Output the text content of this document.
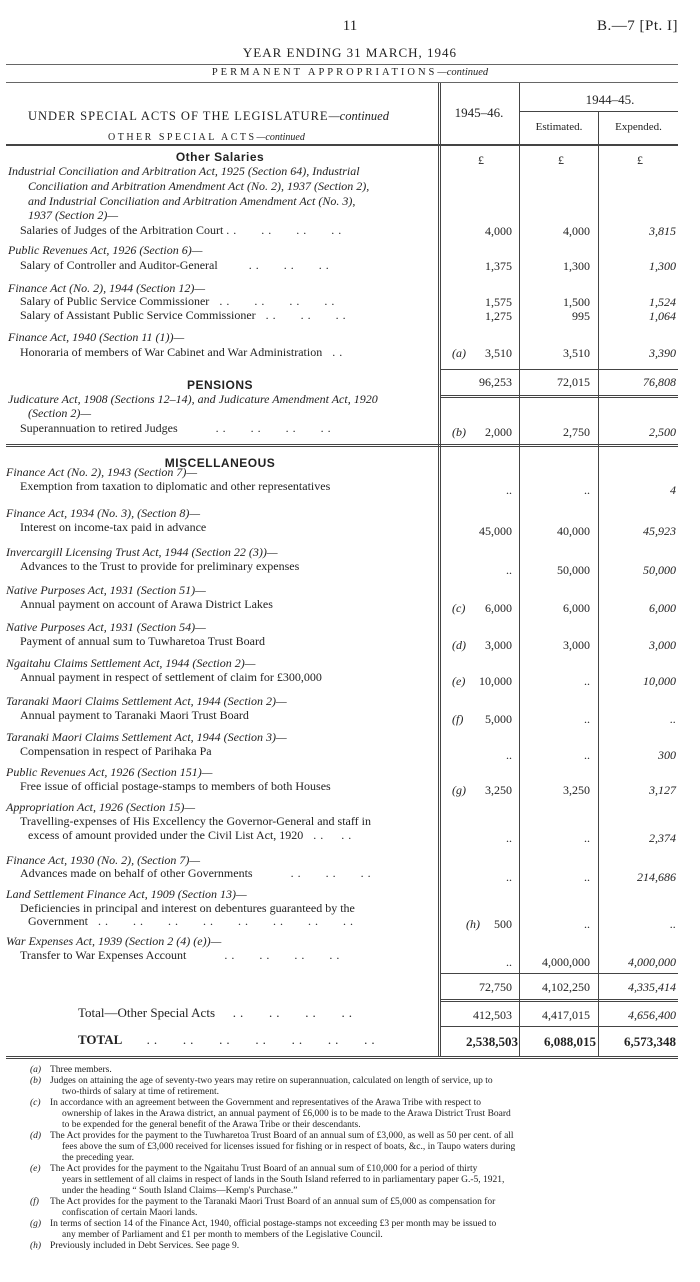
11	B.—7 [Pt. I]
YEAR ENDING 31 MARCH, 1946
PERMANENT APPROPRIATIONS—continued
UNDER SPECIAL ACTS OF THE LEGISLATURE—continued
OTHER SPECIAL ACTS—continued
1945–46.
1944–45.
Estimated.	Expended.
Other Salaries	£	£	£
Industrial Conciliation and Arbitration Act, 1925 (Section 64), Industrial
Conciliation and Arbitration Amendment Act (No. 2), 1937 (Section 2),
and Industrial Conciliation and Arbitration Amendment Act (No. 3),
1937 (Section 2)—
Salaries of Judges of the Arbitration Court ..   ..   ..   ..	4,000	4,000	3,815
Public Revenues Act, 1926 (Section 6)—
Salary of Controller and Auditor-General     ..   ..   ..	1,375	1,300	1,300
Finance Act (No. 2), 1944 (Section 12)—
Salary of Public Service Commissioner  ..   ..   ..   ..	1,575	1,500	1,524
Salary of Assistant Public Service Commissioner  ..   ..   ..	1,275	995	1,064
Finance Act, 1940 (Section 11 (1))—
Honoraria of members of War Cabinet and War Administration  ..	(a)	3,510	3,510	3,390
96,253	72,015	76,808
PENSIONS
Judicature Act, 1908 (Sections 12–14), and Judicature Amendment Act, 1920
(Section 2)—
Superannuation to retired Judges      ..   ..   ..   ..	(b)	2,000	2,750	2,500
MISCELLANEOUS
Finance Act (No. 2), 1943 (Section 7)—
Exemption from taxation to diplomatic and other representatives	..	..	4
Finance Act, 1934 (No. 3), (Section 8)—
Interest on income-tax paid in advance	45,000	40,000	45,923
Invercargill Licensing Trust Act, 1944 (Section 22 (3))—
Advances to the Trust to provide for preliminary expenses	..	50,000	50,000
Native Purposes Act, 1931 (Section 51)—
Annual payment on account of Arawa District Lakes	(c)	6,000	6,000	6,000
Native Purposes Act, 1931 (Section 54)—
Payment of annual sum to Tuwharetoa Trust Board	(d)	3,000	3,000	3,000
Ngaitahu Claims Settlement Act, 1944 (Section 2)—
Annual payment in respect of settlement of claim for £300,000	(e)	10,000	..	10,000
Taranaki Maori Claims Settlement Act, 1944 (Section 2)—
Annual payment to Taranaki Maori Trust Board	(f)	5,000	..	..
Taranaki Maori Claims Settlement Act, 1944 (Section 3)—
Compensation in respect of Parihaka Pa	..	..	300
Public Revenues Act, 1926 (Section 151)—
Free issue of official postage-stamps to members of both Houses	(g)	3,250	3,250	3,127
Appropriation Act, 1926 (Section 15)—
Travelling-expenses of His Excellency the Governor-General and staff in
excess of amount provided under the Civil List Act, 1920  ..  ..	..	..	2,374
Finance Act, 1930 (No. 2), (Section 7)—
Advances made on behalf of other Governments      ..   ..   ..	..	..	214,686
Land Settlement Finance Act, 1909 (Section 13)—
Deficiencies in principal and interest on debentures guaranteed by the
Government  ..   ..   ..   ..   ..   ..   ..   ..	(h)	500	..	..
War Expenses Act, 1939 (Section 2 (4) (e))—
Transfer to War Expenses Account      ..   ..   ..   ..	..	4,000,000	4,000,000
72,750	4,102,250	4,335,414
Total—Other Special Acts   ..   ..   ..   ..	412,503	4,417,015	4,656,400
TOTAL    ..   ..   ..   ..   ..   ..   ..	2,538,503	6,088,015	6,573,348
(a) Three members.
(b) Judges on attaining the age of seventy-two years may retire on superannuation, calculated on length of service, up to
two-thirds of salary at time of retirement.
(c) In accordance with an agreement between the Government and representatives of the Arawa Tribe with respect to
ownership of lakes in the Arawa district, an annual payment of £6,000 is to be made to the Arawa District Trust Board
to be expended for the general benefit of the Arawa Tribe or their descendants.
(d) The Act provides for the payment to the Tuwharetoa Trust Board of an annual sum of £3,000, as well as 50 per cent. of all
fees above the sum of £3,000 received for licenses issued for fishing or in respect of boats, &c., in Taupo waters during
the preceding year.
(e) The Act provides for the payment to the Ngaitahu Trust Board of an annual sum of £10,000 for a period of thirty
years in settlement of all claims in respect of lands in the South Island referred to in parliamentary paper G.-5, 1921,
under the heading “ South Island Claims—Kemp's Purchase.”
(f) The Act provides for the payment to the Taranaki Maori Trust Board of an annual sum of £5,000 as compensation for
confiscation of certain Maori lands.
(g) In terms of section 14 of the Finance Act, 1940, official postage-stamps not exceeding £3 per month may be issued to
any member of Parliament and £1 per month to members of the Legislative Council.
(h) Previously included in Debt Services. See page 9.
